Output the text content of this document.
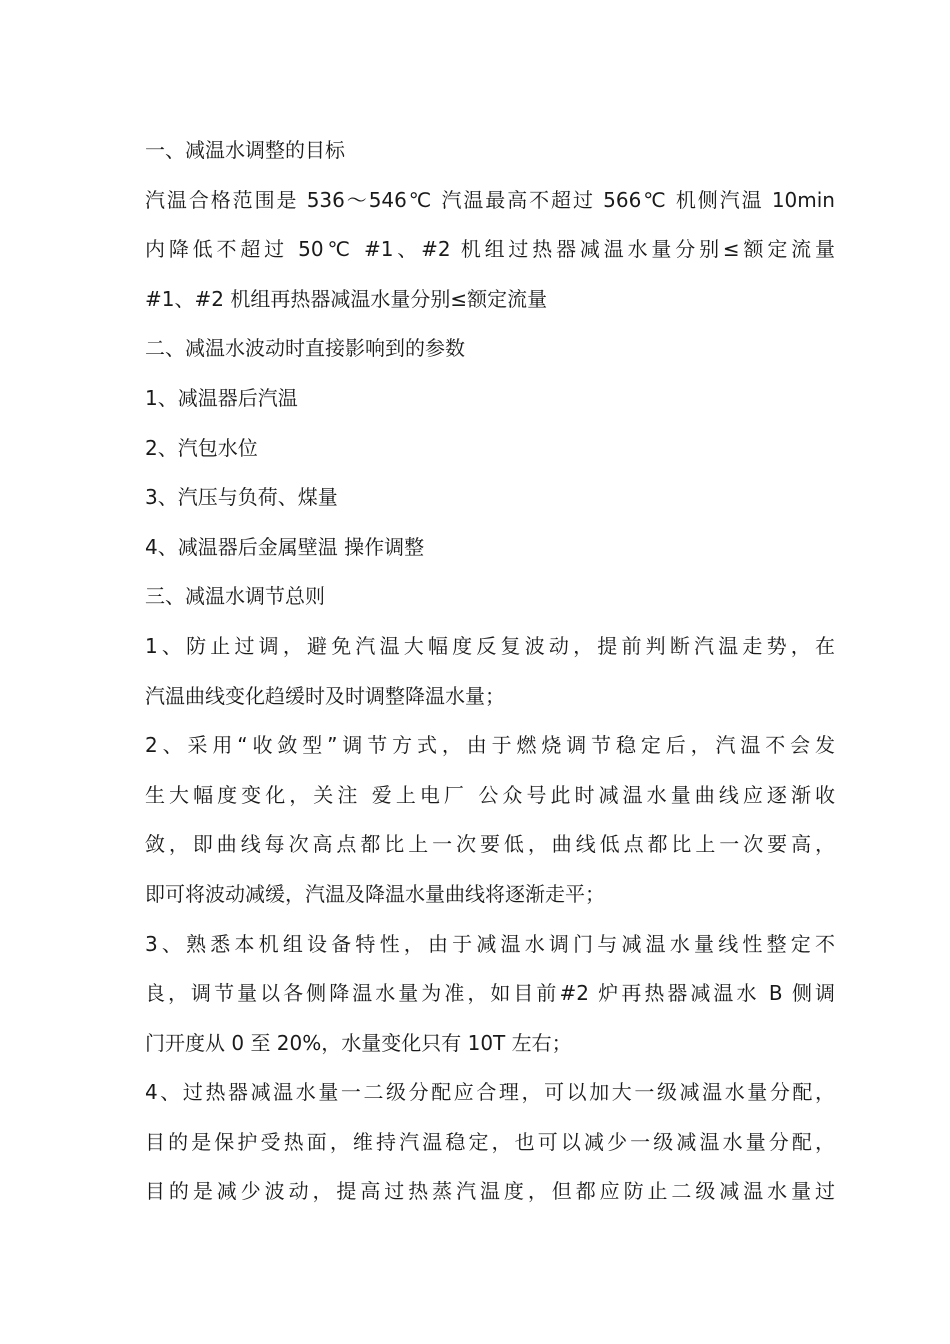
一、减温水调整的目标
汽温合格范围是 536～546℃ 汽温最高不超过 566℃ 机侧汽温 10min
内降低不超过 50℃ #1、#2 机组过热器减温水量分别≤额定流量
#1、#2 机组再热器减温水量分别≤额定流量
二、减温水波动时直接影响到的参数
1、减温器后汽温
2、汽包水位
3、汽压与负荷、煤量
4、减温器后金属壁温 操作调整
三、减温水调节总则
1、防止过调，避免汽温大幅度反复波动，提前判断汽温走势，在
汽温曲线变化趋缓时及时调整降温水量；
2、采用“收敛型”调节方式，由于燃烧调节稳定后，汽温不会发
生大幅度变化，关注 爱上电厂 公众号此时减温水量曲线应逐渐收
敛，即曲线每次高点都比上一次要低，曲线低点都比上一次要高，
即可将波动减缓，汽温及降温水量曲线将逐渐走平；
3、熟悉本机组设备特性，由于减温水调门与减温水量线性整定不
良，调节量以各侧降温水量为准，如目前#2 炉再热器减温水 B 侧调
门开度从 0 至 20%，水量变化只有 10T 左右；
4、过热器减温水量一二级分配应合理，可以加大一级减温水量分配，
目的是保护受热面，维持汽温稳定，也可以减少一级减温水量分配，
目的是减少波动，提高过热蒸汽温度，但都应防止二级减温水量过
